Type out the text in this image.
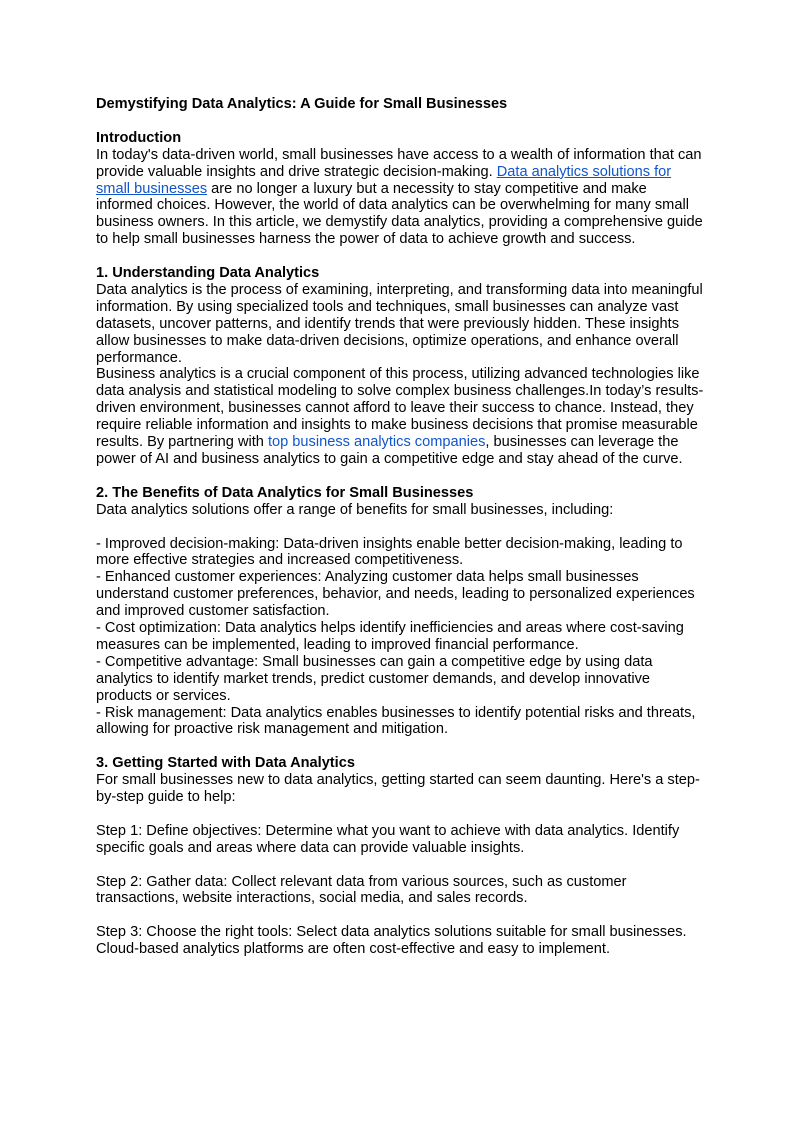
Demystifying Data Analytics: A Guide for Small Businesses

Introduction

In today's data-driven world, small businesses have access to a wealth of information that can provide valuable insights and drive strategic decision-making. Data analytics solutions for small businesses are no longer a luxury but a necessity to stay competitive and make informed choices. However, the world of data analytics can be overwhelming for many small business owners. In this article, we demystify data analytics, providing a comprehensive guide to help small businesses harness the power of data to achieve growth and success.

1. Understanding Data Analytics

Data analytics is the process of examining, interpreting, and transforming data into meaningful information. By using specialized tools and techniques, small businesses can analyze vast datasets, uncover patterns, and identify trends that were previously hidden. These insights allow businesses to make data-driven decisions, optimize operations, and enhance overall performance.

Business analytics is a crucial component of this process, utilizing advanced technologies like data analysis and statistical modeling to solve complex business challenges.In today’s results-driven environment, businesses cannot afford to leave their success to chance. Instead, they require reliable information and insights to make business decisions that promise measurable results. By partnering with top business analytics companies, businesses can leverage the power of AI and business analytics to gain a competitive edge and stay ahead of the curve.

2. The Benefits of Data Analytics for Small Businesses

Data analytics solutions offer a range of benefits for small businesses, including:

- Improved decision-making: Data-driven insights enable better decision-making, leading to more effective strategies and increased competitiveness.

- Enhanced customer experiences: Analyzing customer data helps small businesses understand customer preferences, behavior, and needs, leading to personalized experiences and improved customer satisfaction.

- Cost optimization: Data analytics helps identify inefficiencies and areas where cost-saving measures can be implemented, leading to improved financial performance.

- Competitive advantage: Small businesses can gain a competitive edge by using data analytics to identify market trends, predict customer demands, and develop innovative products or services.

- Risk management: Data analytics enables businesses to identify potential risks and threats, allowing for proactive risk management and mitigation.

3. Getting Started with Data Analytics

For small businesses new to data analytics, getting started can seem daunting. Here's a step-by-step guide to help:

Step 1: Define objectives: Determine what you want to achieve with data analytics. Identify specific goals and areas where data can provide valuable insights.

Step 2: Gather data: Collect relevant data from various sources, such as customer transactions, website interactions, social media, and sales records.

Step 3: Choose the right tools: Select data analytics solutions suitable for small businesses. Cloud-based analytics platforms are often cost-effective and easy to implement.
